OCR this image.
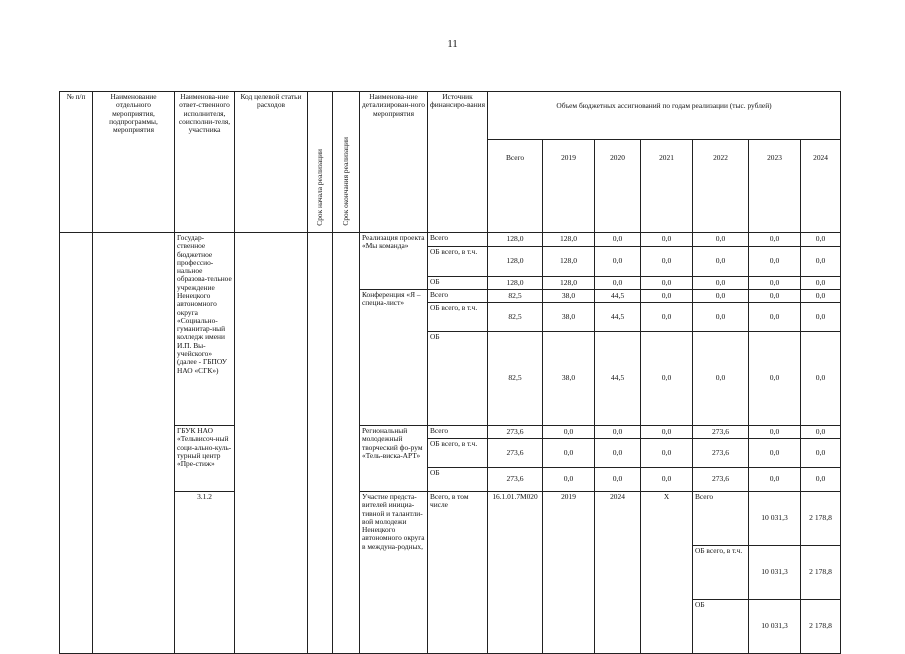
11
№ п/п	Наименование отдельного мероприятия, подпрограммы, мероприятия	Наименова-ние ответ-ственного исполнителя, соисполни-теля, участника	Код целевой статьи расходов	Срок начала реализации	Срок окончания реализации	Наименова-ние детализирован-ного мероприятия	Источник финансиро-вания	Объем бюджетных ассигнований по годам реализации (тыс. рублей)							
								Всего	2019	2020	2021	2022	2023	2024	
		Государ-ственное бюджетное профессио-нальное образова-тельное учреждение Ненецкого автономного округа «Социально-гуманитар-ный колледж имени И.П. Вы-учейского» (далее - ГБПОУ НАО «СГК»)				Реализация проекта «Мы команда»	Всего	128,0	128,0	0,0	0,0	0,0	0,0	0,0	
							ОБ всего, в т.ч.	128,0	128,0	0,0	0,0	0,0	0,0	0,0	
							ОБ	128,0	128,0	0,0	0,0	0,0	0,0	0,0	
						Конференция «Я – специа-лист»	Всего	82,5	38,0	44,5	0,0	0,0	0,0	0,0	
							ОБ всего, в т.ч.	82,5	38,0	44,5	0,0	0,0	0,0	0,0	
							ОБ	82,5	38,0	44,5	0,0	0,0	0,0	0,0	
		ГБУК НАО «Тельвисоч-ный соци-ально-куль-турный центр «Пре-стиж»				Региональный молодежный творческий фо-рум «Тель-виска-АРТ»	Всего	273,6	0,0	0,0	0,0	273,6	0,0	0,0	
							ОБ всего, в т.ч.	273,6	0,0	0,0	0,0	273,6	0,0	0,0	
							ОБ	273,6	0,0	0,0	0,0	273,6	0,0	0,0	
		3.1.2				Участие предста-вителей инициа-тивной и талантли-вой молодежи Ненецкого автономного округа в междуна-родных,	Всего, в том числе	16.1.01.7М020	2019	2024	X	Всего	10 031,3	2 178,8					
												ОБ всего, в т.ч.	10 031,3	2 178,8					
												ОБ	10 031,3	2 178,8					
